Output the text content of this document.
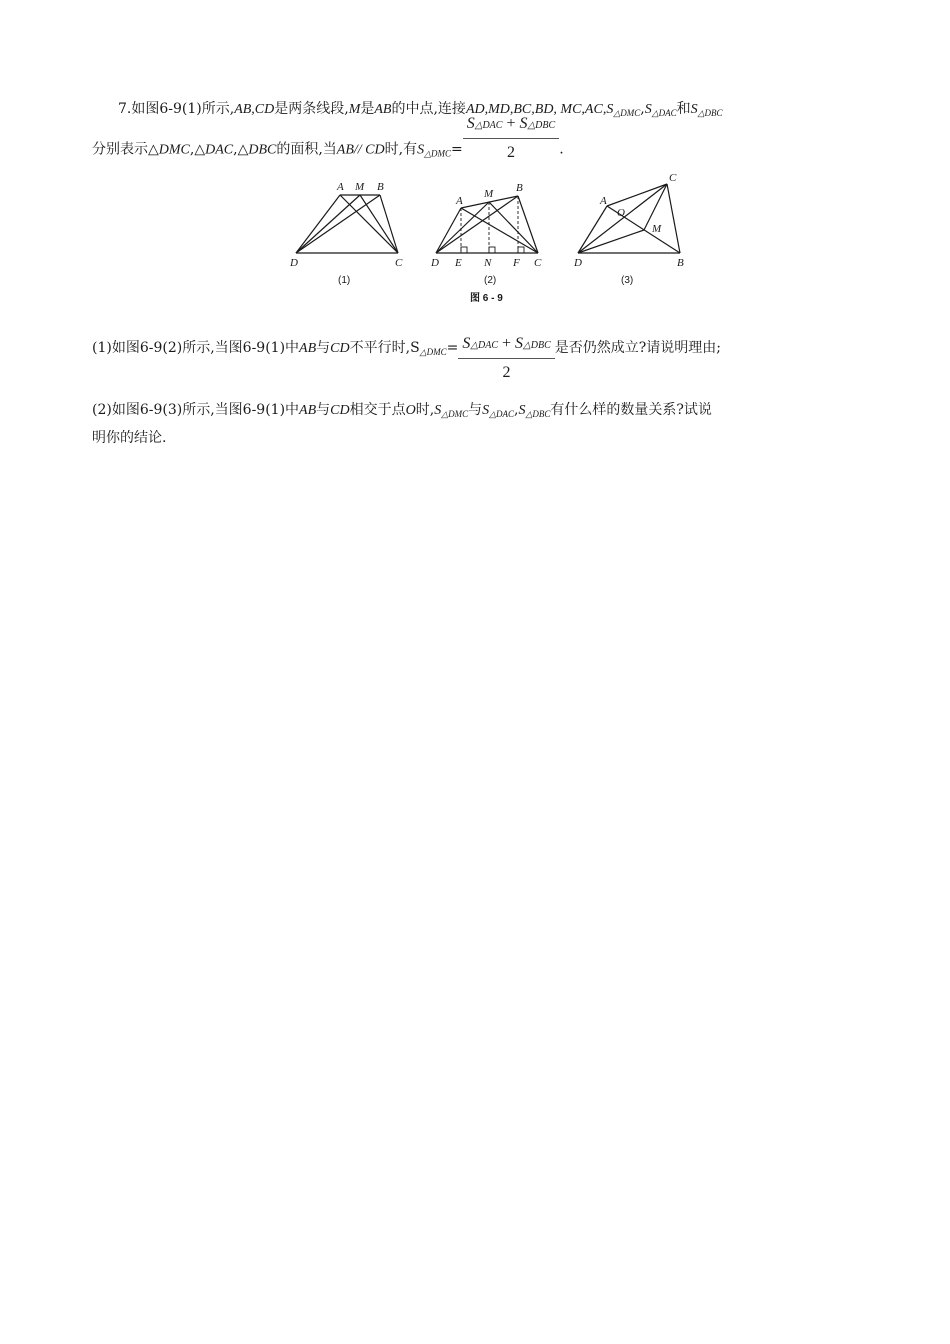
7.如图6-9(1)所示,AB,CD是两条线段,M是AB的中点,连接AD,MD,BC,BD, $MC,AC,S_{\triangle DMC},S_{\triangle DAC}$和$S_{\triangle DBC}$
分别表示△DMC,△DAC,△DBC的面积,当AB// CD时,有$S_{\triangle DMC}= \frac{\text{S△DAC + S△DBC}}{2}$ .
A M B
D	C
(1)
A
M B
D E N F C
(2)
A
O
M
C
D	B
(3)
图 6 - 9
(1)如图6-9(2)所示,当图6-9(1)中AB与CD不平行时$,S_{\triangle DMC}= \frac{\text{S△DAC + S△DBC}}{2}$ 是否仍然成立?请说明理由;
(2)如图6-9(3)所示,当图6-9(1)中AB与CD相交于点O时$,S_{\triangle DMC}$与$S_{\triangle DAC},S_{\triangle DBC}$有什么样的数量关系?试说
明你的结论.
